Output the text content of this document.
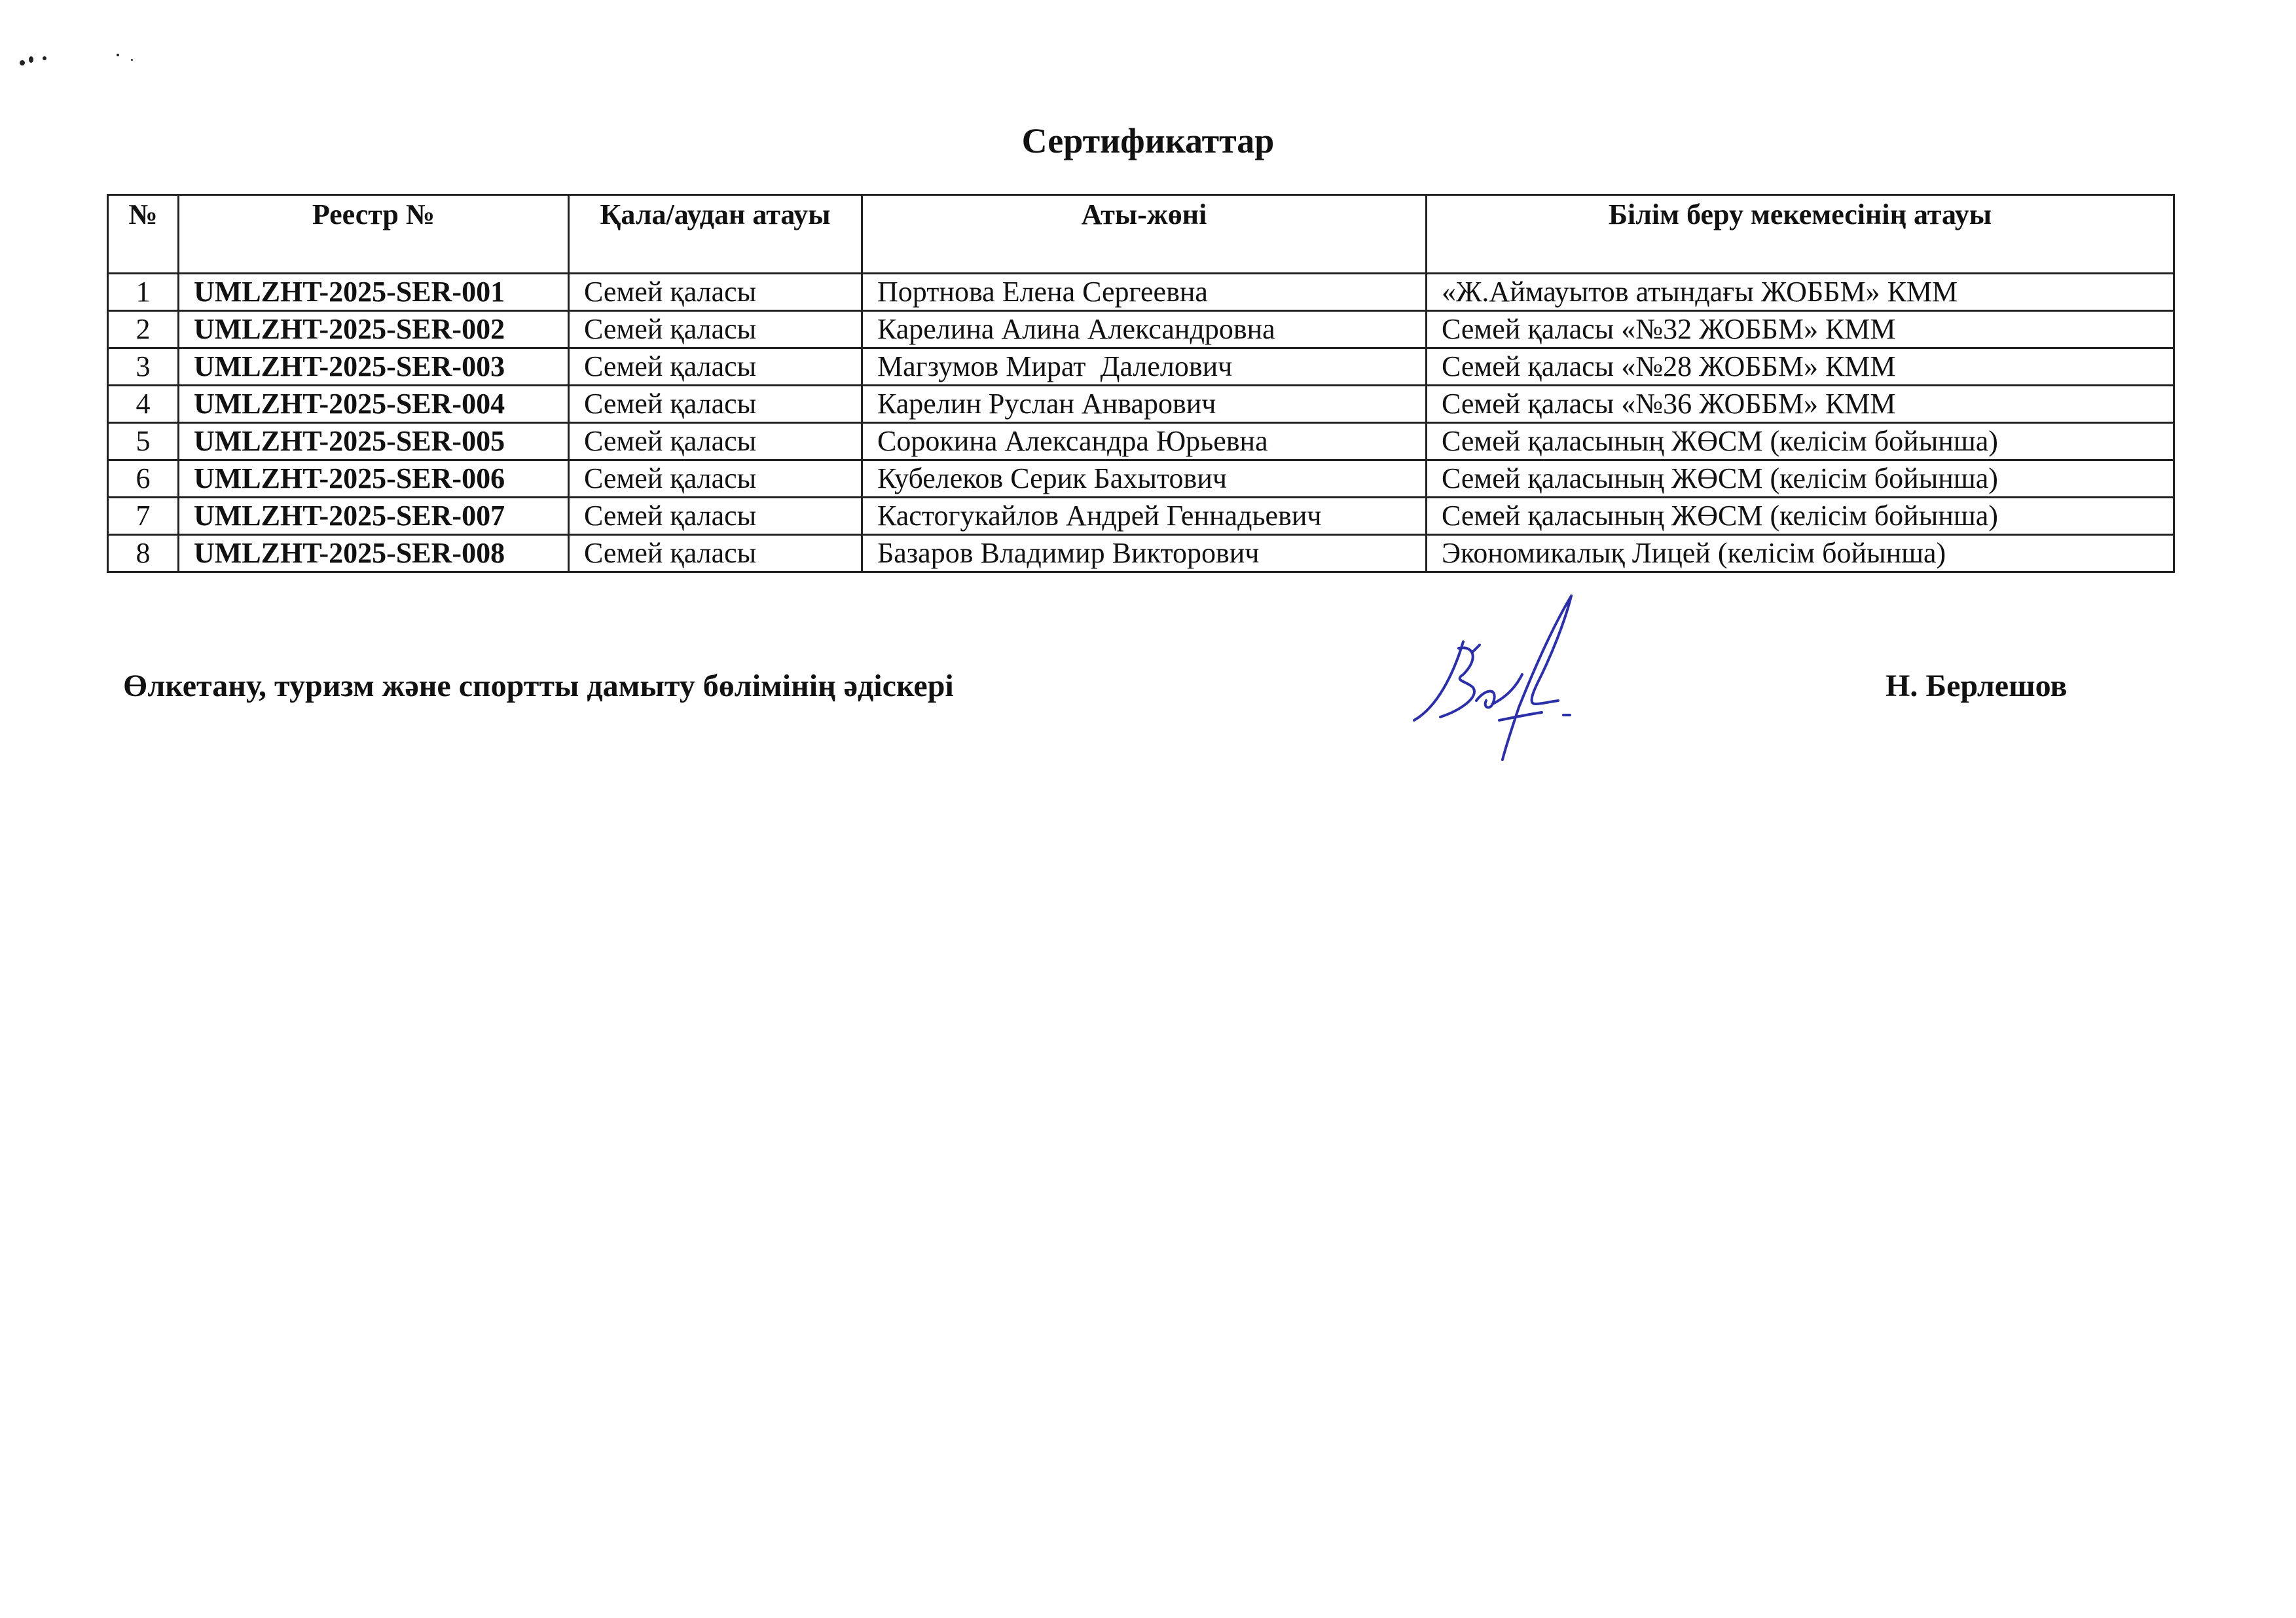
Сертификаттар
№	Реестр №	Қала/аудан атауы	Аты-жөні	Білім беру мекемесінің атауы
1	UMLZHT-2025-SER-001	Семей қаласы	Портнова Елена Сергеевна	«Ж.Аймауытов атындағы ЖОББМ» КММ
2	UMLZHT-2025-SER-002	Семей қаласы	Карелина Алина Александровна	Семей қаласы «№32 ЖОББМ» КММ
3	UMLZHT-2025-SER-003	Семей қаласы	Магзумов Мират  Далелович	Семей қаласы «№28 ЖОББМ» КММ
4	UMLZHT-2025-SER-004	Семей қаласы	Карелин Руслан Анварович	Семей қаласы «№36 ЖОББМ» КММ
5	UMLZHT-2025-SER-005	Семей қаласы	Сорокина Александра Юрьевна	Семей қаласының ЖӨСМ (келісім бойынша)
6	UMLZHT-2025-SER-006	Семей қаласы	Кубелеков Серик Бахытович	Семей қаласының ЖӨСМ (келісім бойынша)
7	UMLZHT-2025-SER-007	Семей қаласы	Кастогукайлов Андрей Геннадьевич	Семей қаласының ЖӨСМ (келісім бойынша)
8	UMLZHT-2025-SER-008	Семей қаласы	Базаров Владимир Викторович	Экономикалық Лицей (келісім бойынша)
Өлкетану, туризм және спортты дамыту бөлімінің әдіскері	Н. Берлешов
